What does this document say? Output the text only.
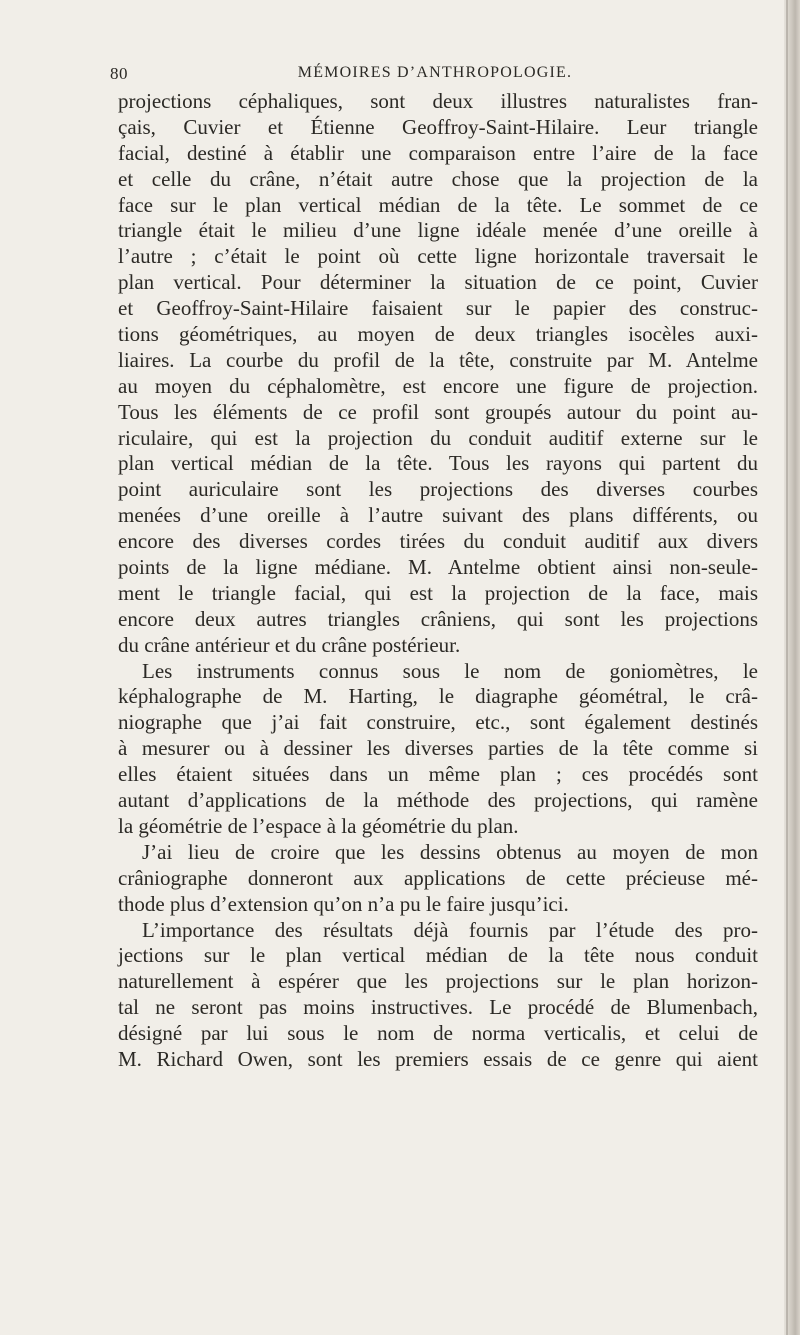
80	MÉMOIRES D’ANTHROPOLOGIE.

projections céphaliques, sont deux illustres naturalistes fran-
çais, Cuvier et Étienne Geoffroy-Saint-Hilaire. Leur triangle
facial, destiné à établir une comparaison entre l’aire de la face
et celle du crâne, n’était autre chose que la projection de la
face sur le plan vertical médian de la tête. Le sommet de ce
triangle était le milieu d’une ligne idéale menée d’une oreille à
l’autre ; c’était le point où cette ligne horizontale traversait le
plan vertical. Pour déterminer la situation de ce point, Cuvier
et Geoffroy-Saint-Hilaire faisaient sur le papier des construc-
tions géométriques, au moyen de deux triangles isocèles auxi-
liaires. La courbe du profil de la tête, construite par M. Antelme
au moyen du céphalomètre, est encore une figure de projection.
Tous les éléments de ce profil sont groupés autour du point au-
riculaire, qui est la projection du conduit auditif externe sur le
plan vertical médian de la tête. Tous les rayons qui partent du
point auriculaire sont les projections des diverses courbes
menées d’une oreille à l’autre suivant des plans différents, ou
encore des diverses cordes tirées du conduit auditif aux divers
points de la ligne médiane. M. Antelme obtient ainsi non-seule-
ment le triangle facial, qui est la projection de la face, mais
encore deux autres triangles crâniens, qui sont les projections
du crâne antérieur et du crâne postérieur.

Les instruments connus sous le nom de goniomètres, le
képhalographe de M. Harting, le diagraphe géométral, le crâ-
niographe que j’ai fait construire, etc., sont également destinés
à mesurer ou à dessiner les diverses parties de la tête comme si
elles étaient situées dans un même plan ; ces procédés sont
autant d’applications de la méthode des projections, qui ramène
la géométrie de l’espace à la géométrie du plan.

J’ai lieu de croire que les dessins obtenus au moyen de mon
crâniographe donneront aux applications de cette précieuse mé-
thode plus d’extension qu’on n’a pu le faire jusqu’ici.

L’importance des résultats déjà fournis par l’étude des pro-
jections sur le plan vertical médian de la tête nous conduit
naturellement à espérer que les projections sur le plan horizon-
tal ne seront pas moins instructives. Le procédé de Blumenbach,
désigné par lui sous le nom de norma verticalis, et celui de
M. Richard Owen, sont les premiers essais de ce genre qui aient
